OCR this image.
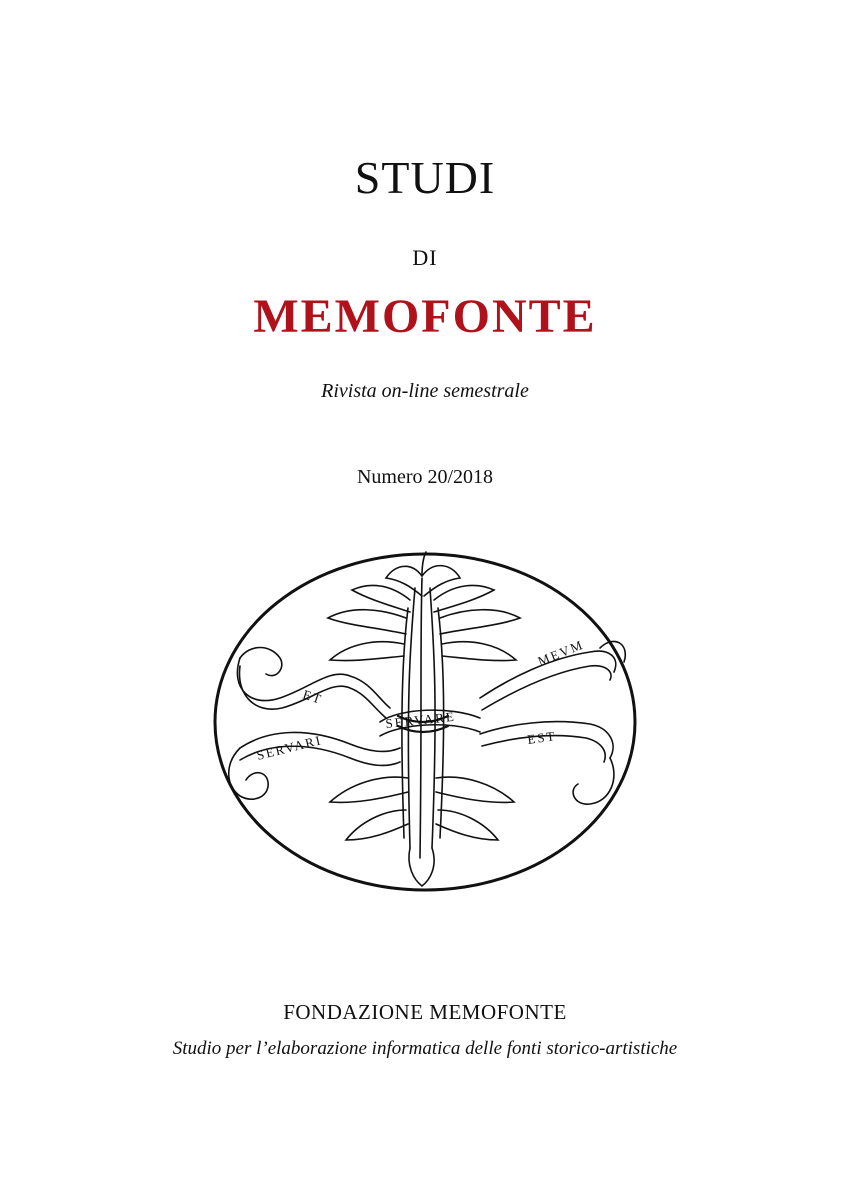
STUDI
DI
MEMOFONTE
Rivista on-line semestrale
Numero 20/2018
ET
SERVARE
MEVM
EST
SERVARI
FONDAZIONE MEMOFONTE
Studio per l’elaborazione informatica delle fonti storico-artistiche
